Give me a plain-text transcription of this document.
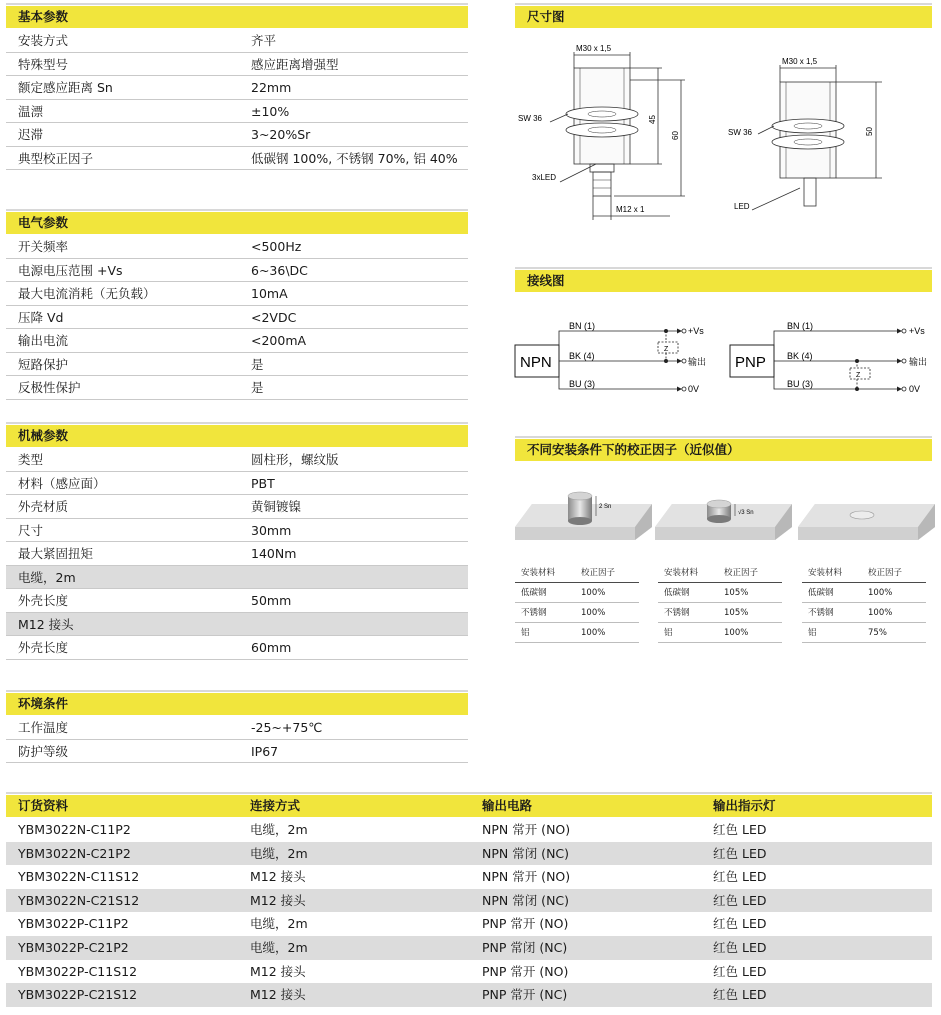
基本参数
安装方式	齐平
特殊型号	感应距离增强型
额定感应距离 Sn	22mm
温漂	±10%
迟滞	3~20%Sr
典型校正因子	低碳钢 100%, 不锈钢 70%, 铝 40%
电气参数
开关频率	<500Hz
电源电压范围 +Vs	6~36\DC
最大电流消耗（无负载）	10mA
压降 Vd	<2VDC
输出电流	<200mA
短路保护	是
反极性保护	是
机械参数
类型	圆柱形，螺纹版
材料（感应面）	PBT
外壳材质	黄铜镀镍
尺寸	30mm
最大紧固扭矩	140Nm
电缆，2m
外壳长度	50mm
M12 接头
外壳长度	60mm
环境条件
工作温度	-25~+75℃
防护等级	IP67
尺寸图
M30 x 1,5
SW 36	45
60
3xLED
M12 x 1
M30 x 1,5
SW 36	50
LED
接线图
NPN
BN (1)
BK (4)
BU (3)
Z
+Vs
输出
0V
PNP
BN (1)
BK (4)
BU (3)
Z
+Vs
输出
0V
不同安装条件下的校正因子（近似值）
2 Sn
√3 Sn
安装材料	校正因子
低碳钢	100%
不锈钢	100%
铝	100%
安装材料	校正因子
低碳钢	105%
不锈钢	105%
铝	100%
安装材料	校正因子
低碳钢	100%
不锈钢	100%
铝	75%
订货资料	连接方式	输出电路	输出指示灯
YBM3022N-C11P2	电缆，2m	NPN 常开 (NO)	红色 LED
YBM3022N-C21P2	电缆，2m	NPN 常闭 (NC)	红色 LED
YBM3022N-C11S12	M12 接头	NPN 常开 (NO)	红色 LED
YBM3022N-C21S12	M12 接头	NPN 常闭 (NC)	红色 LED
YBM3022P-C11P2	电缆，2m	PNP 常开 (NO)	红色 LED
YBM3022P-C21P2	电缆，2m	PNP 常闭 (NC)	红色 LED
YBM3022P-C11S12	M12 接头	PNP 常开 (NO)	红色 LED
YBM3022P-C21S12	M12 接头	PNP 常开 (NC)	红色 LED
